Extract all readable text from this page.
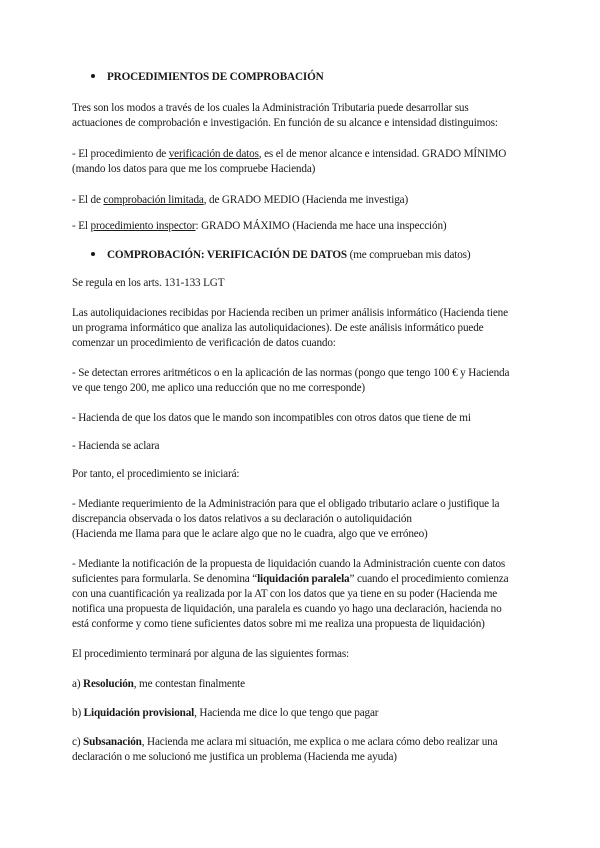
PROCEDIMIENTOS DE COMPROBACIÓN
Tres son los modos a través de los cuales la Administración Tributaria puede desarrollar sus
actuaciones de comprobación e investigación. En función de su alcance e intensidad distinguimos:
- El procedimiento de verificación de datos, es el de menor alcance e intensidad. GRADO MÍNIMO
(mando los datos para que me los compruebe Hacienda)
- El de comprobación limitada, de GRADO MEDIO (Hacienda me investiga)
- El procedimiento inspector: GRADO MÁXIMO (Hacienda me hace una inspección)
COMPROBACIÓN: VERIFICACIÓN DE DATOS (me comprueban mis datos)
Se regula en los arts. 131-133 LGT
Las autoliquidaciones recibidas por Hacienda reciben un primer análisis informático (Hacienda tiene
un programa informático que analiza las autoliquidaciones). De este análisis informático puede
comenzar un procedimiento de verificación de datos cuando:
- Se detectan errores aritméticos o en la aplicación de las normas (pongo que tengo 100 € y Hacienda
ve que tengo 200, me aplico una reducción que no me corresponde)
- Hacienda de que los datos que le mando son incompatibles con otros datos que tiene de mi
- Hacienda se aclara
Por tanto, el procedimiento se iniciará:
- Mediante requerimiento de la Administración para que el obligado tributario aclare o justifique la
discrepancia observada o los datos relativos a su declaración o autoliquidación
(Hacienda me llama para que le aclare algo que no le cuadra, algo que ve erróneo)
- Mediante la notificación de la propuesta de liquidación cuando la Administración cuente con datos
suficientes para formularla. Se denomina “liquidación paralela” cuando el procedimiento comienza
con una cuantificación ya realizada por la AT con los datos que ya tiene en su poder (Hacienda me
notifica una propuesta de liquidación, una paralela es cuando yo hago una declaración, hacienda no
está conforme y como tiene suficientes datos sobre mi me realiza una propuesta de liquidación)
El procedimiento terminará por alguna de las siguientes formas:
a) Resolución, me contestan finalmente
b) Liquidación provisional, Hacienda me dice lo que tengo que pagar
c) Subsanación, Hacienda me aclara mi situación, me explica o me aclara cómo debo realizar una
declaración o me solucionó me justifica un problema (Hacienda me ayuda)
